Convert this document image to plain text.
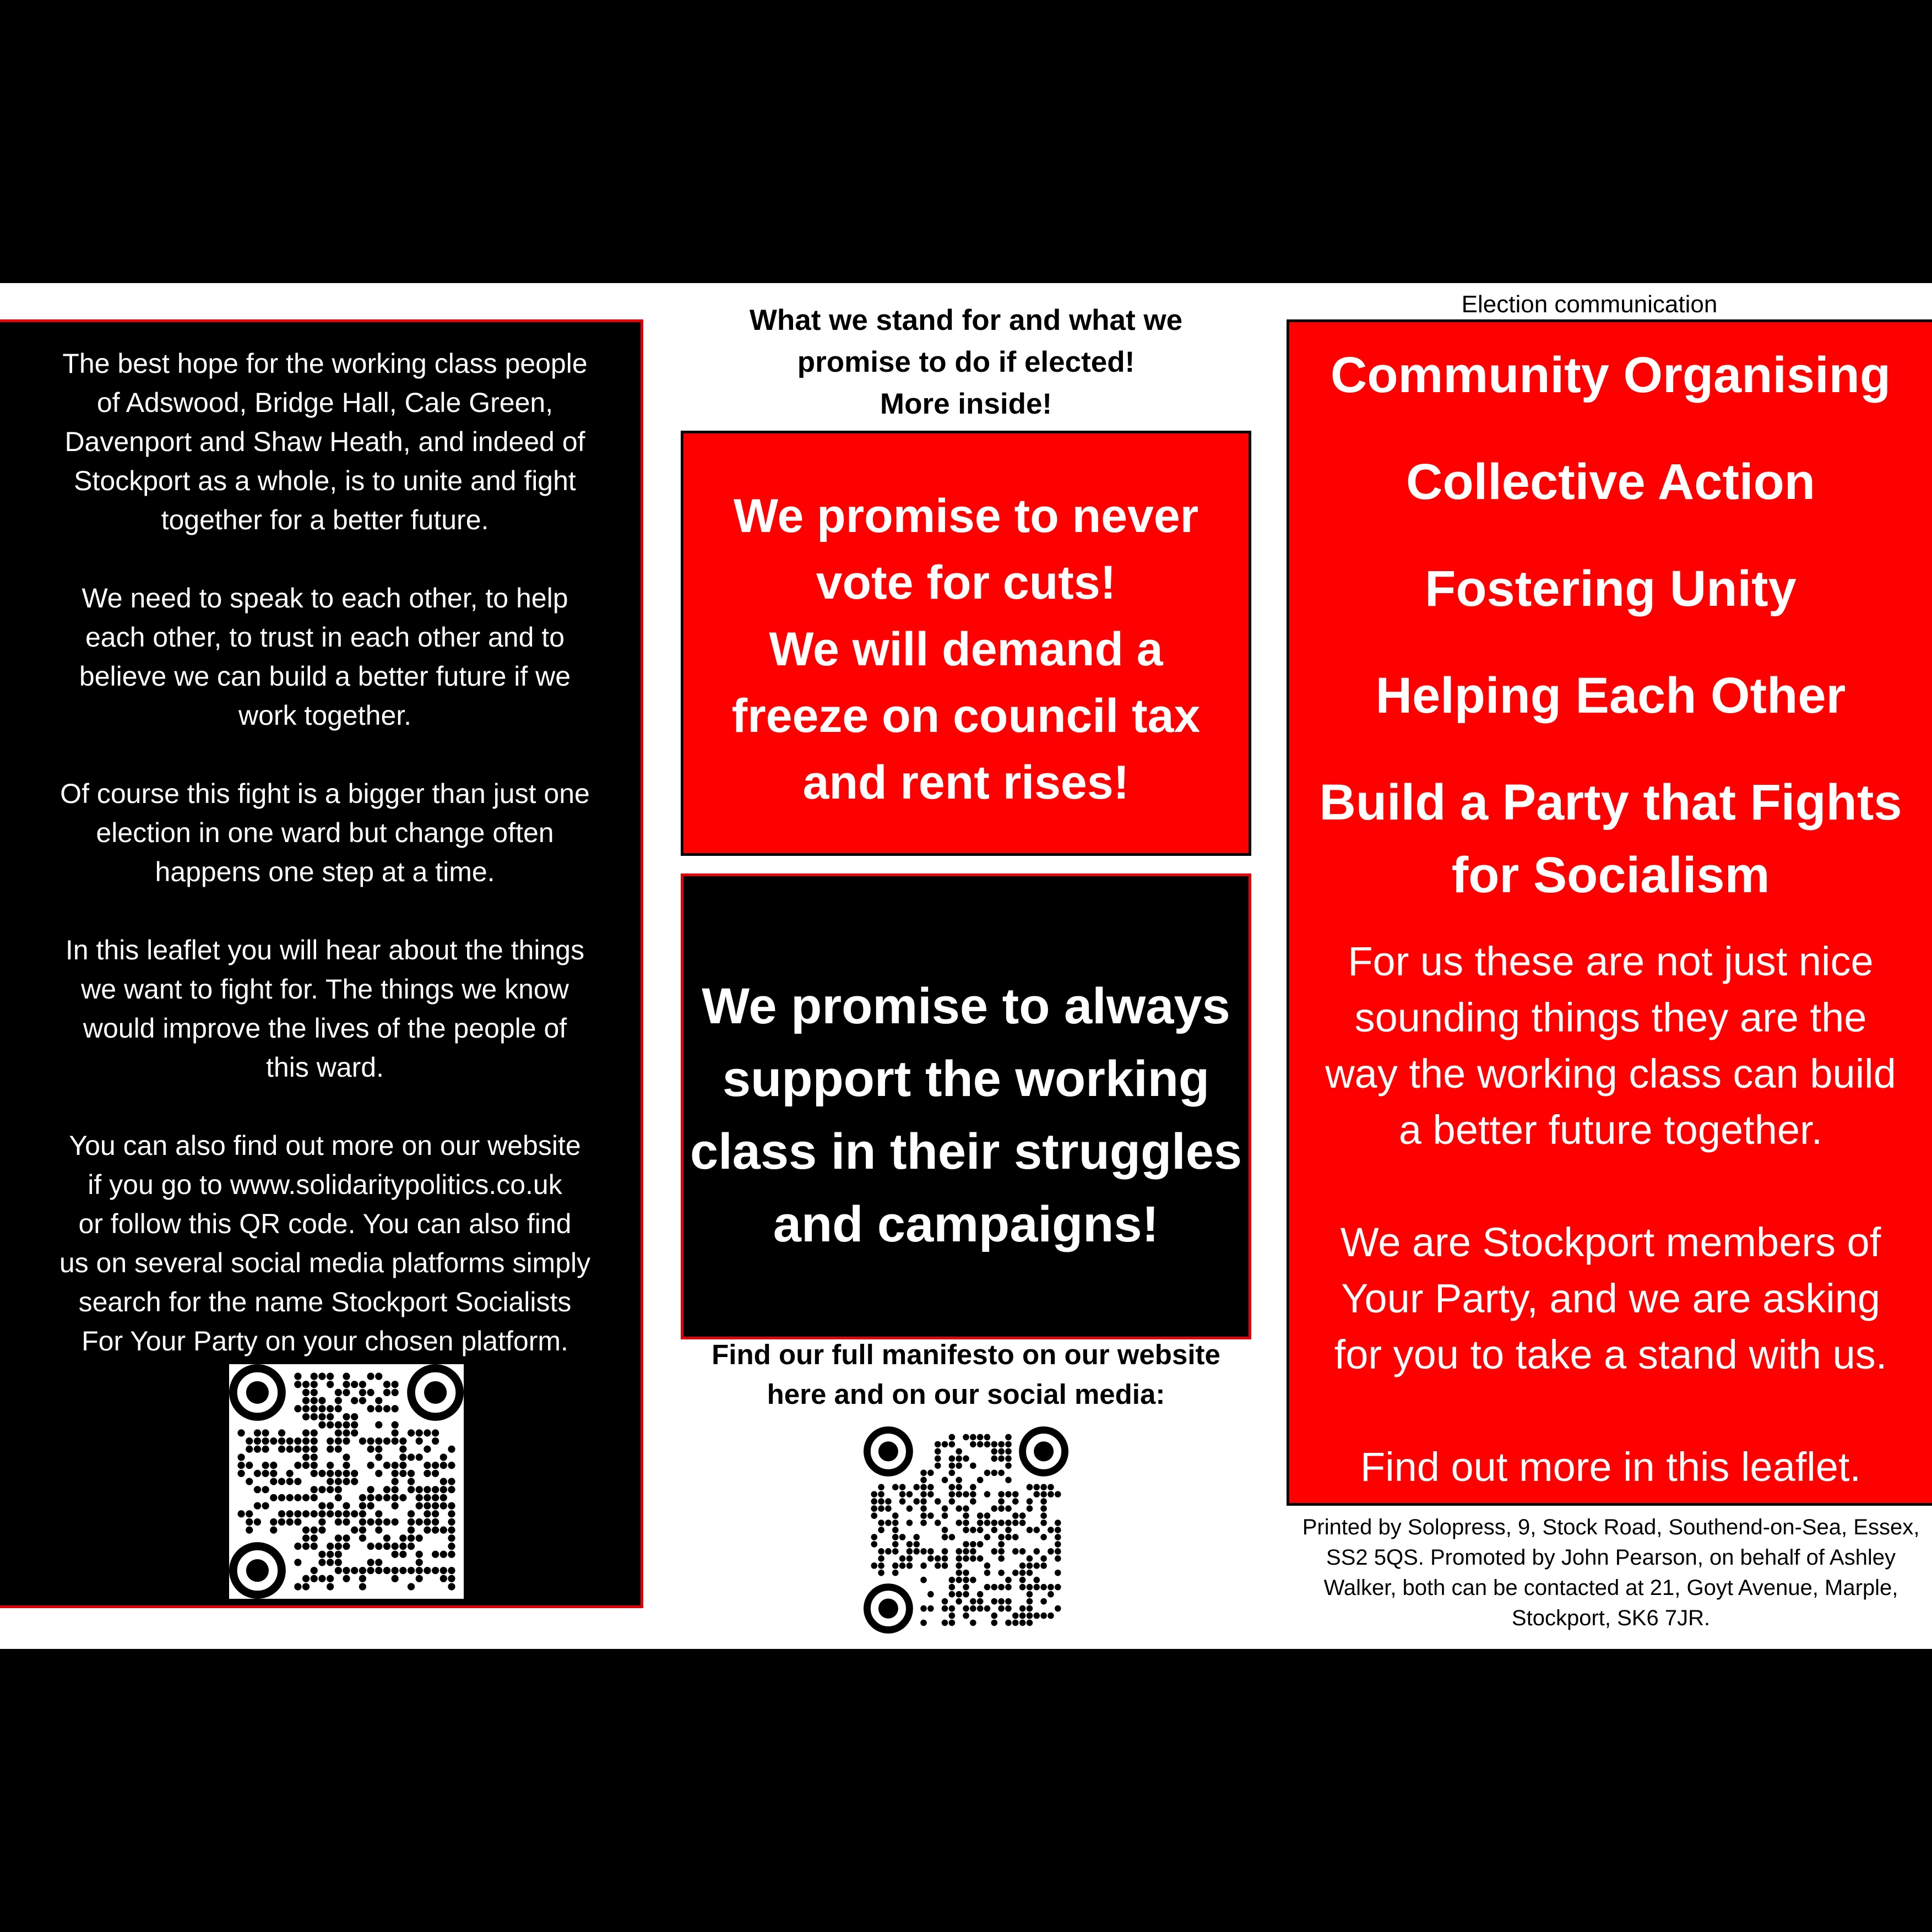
The best hope for the working class people
of Adswood, Bridge Hall, Cale Green,
Davenport and Shaw Heath, and indeed of
Stockport as a whole, is to unite and fight
together for a better future.

We need to speak to each other, to help
each other, to trust in each other and to
believe we can build a better future if we
work together.

Of course this fight is a bigger than just one
election in one ward but change often
happens one step at a time.

In this leaflet you will hear about the things
we want to fight for. The things we know
would improve the lives of the people of
this ward.

You can also find out more on our website
if you go to www.solidaritypolitics.co.uk
or follow this QR code. You can also find
us on several social media platforms simply
search for the name Stockport Socialists
For Your Party on your chosen platform.

What we stand for and what we
promise to do if elected!
More inside!
We promise to never
vote for cuts!
We will demand a
freeze on council tax
and rent rises!
We promise to always
support the working
class in their struggles
and campaigns!
Find our full manifesto on our website
here and on our social media:
Election communication
Community Organising
Collective Action
Fostering Unity
Helping Each Other
Build a Party that Fights
for Socialism

For us these are not just nice
sounding things they are the
way the working class can build
a better future together.

We are Stockport members of
Your Party, and we are asking
for you to take a stand with us.

Find out more in this leaflet.

Printed by Solopress, 9, Stock Road, Southend-on-Sea, Essex,
SS2 5QS. Promoted by John Pearson, on behalf of Ashley
Walker, both can be contacted at 21, Goyt Avenue, Marple,
Stockport, SK6 7JR.
